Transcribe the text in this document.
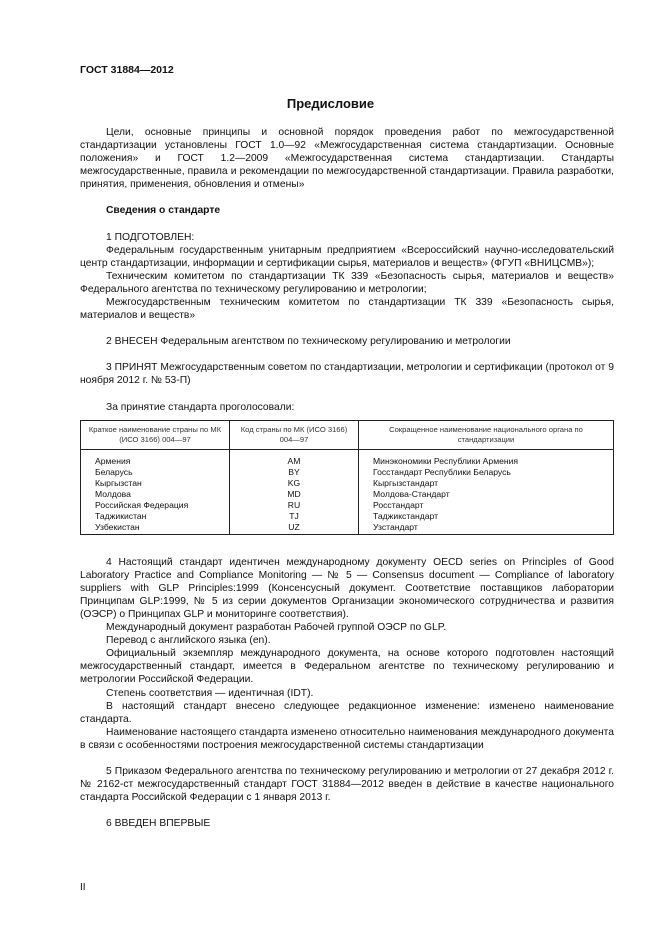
ГОСТ 31884—2012
Предисловие

Цели, основные принципы и основной порядок проведения работ по межгосударственной стандартизации установлены ГОСТ 1.0—92 «Межгосударственная система стандартизации. Основные положения» и ГОСТ 1.2—2009 «Межгосударственная система стандартизации. Стандарты межгосударственные, правила и рекомендации по межгосударственной стандартизации. Правила разработки, принятия, применения, обновления и отмены»

Сведения о стандарте

1 ПОДГОТОВЛЕН:

Федеральным государственным унитарным предприятием «Всероссийский научно-исследовательский центр стандартизации, информации и сертификации сырья, материалов и веществ» (ФГУП «ВНИЦСМВ»);

Техническим комитетом по стандартизации ТК 339 «Безопасность сырья, материалов и веществ» Федерального агентства по техническому регулированию и метрологии;

Межгосударственным техническим комитетом по стандартизации ТК 339 «Безопасность сырья, материалов и веществ»

2 ВНЕСЕН Федеральным агентством по техническому регулированию и метрологии

3 ПРИНЯТ Межгосударственным советом по стандартизации, метрологии и сертификации (протокол от 9 ноября 2012 г. № 53-П)

За принятие стандарта проголосовали:

Краткое наименование страны по МК (ИСО 3166) 004—97	Код страны по МК (ИСО 3166) 004—97	Сокращенное наименование национального органа по стандартизации
Армения	AM	Минэкономики Республики Армения
Беларусь	BY	Госстандарт Республики Беларусь
Кыргызстан	KG	Кыргызстандарт
Молдова	MD	Молдова-Стандарт
Российская Федерация	RU	Росстандарт
Таджикистан	TJ	Таджикстандарт
Узбекистан	UZ	Узстандарт

4 Настоящий стандарт идентичен международному документу OECD series on Principles of Good Laboratory Practice and Compliance Monitoring — № 5 — Consensus document — Compliance of laboratory suppliers with GLP Principles:1999 (Консенсусный документ. Соответствие поставщиков лаборатории Принципам GLP:1999, № 5 из серии документов Организации экономического сотрудничества и развития (ОЭСР) о Принципах GLP и мониторинге соответствия).

Международный документ разработан Рабочей группой ОЭСР по GLP.

Перевод с английского языка (en).

Официальный экземпляр международного документа, на основе которого подготовлен настоящий межгосударственный стандарт, имеется в Федеральном агентстве по техническому регулированию и метрологии Российской Федерации.

Степень соответствия — идентичная (IDT).

В настоящий стандарт внесено следующее редакционное изменение: изменено наименование стандарта.

Наименование настоящего стандарта изменено относительно наименования международного документа в связи с особенностями построения межгосударственной системы стандартизации

5 Приказом Федерального агентства по техническому регулированию и метрологии от 27 декабря 2012 г. № 2162-ст межгосударственный стандарт ГОСТ 31884—2012 введен в действие в качестве национального стандарта Российской Федерации с 1 января 2013 г.

6 ВВЕДЕН ВПЕРВЫЕ

II
